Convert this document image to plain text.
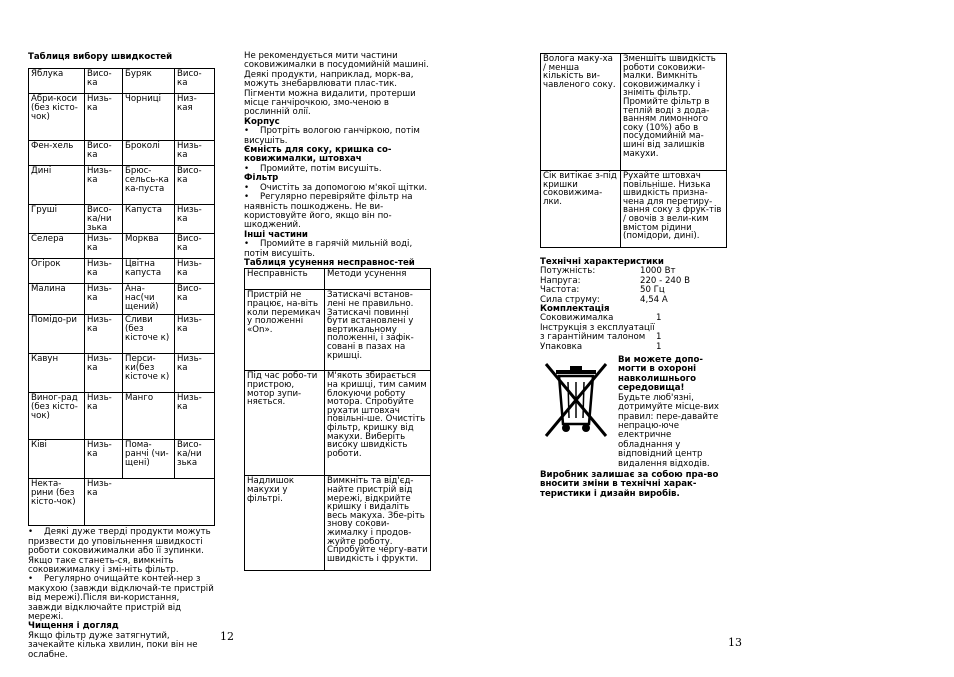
Таблиця вибору швидкостей

Яблука	Висо-ка	Буряк	Висо-ка
Абри-коси (без кісто-чок)	Низь-ка	Чорниці	Низ-кая
Фен-хель	Висо-ка	Броколі	Низь-ка
Дині	Низь-ка	Брюс-сельсь-ка ка-пуста	Висо-ка
Груші	Висо-ка/ни зька	Капуста	Низь-ка
Селера	Низь-ка	Морква	Висо-ка
Огірок	Низь-ка	Цвітна капуста	Низь-ка
Малина	Низь-ка	Ана-нас(чи щений)	Висо-ка
Помідо-ри	Низь-ка	Сливи (без кісточе к)	Низь-ка
Кавун	Низь-ка	Перси-ки(без кісточе к)	Низь-ка
Виног-рад (без кісто-чок)	Низь-ка	Манго	Низь-ка
Ківі	Низь-ка	Пома-ранчі (чи-щені)	Висо-ка/ни зька
Некта-рини (без кісто-чок)	Низь-ка		

• Деякі дуже тверді продукти можуть призвести до уповільнення швидкості роботи соковижималки або її зупинки. Якщо таке станеть-ся, вимкніть соковижималку і змі-ніть фільтр.

• Регулярно очищайте контей-нер з макухою (завжди відключай-те пристрій від мережі).Після ви-користання, завжди відключайте пристрій від мережі.

Чищення і догляд

Якщо фільтр дуже затягнутий, зачекайте кілька хвилин, поки він не ослабне.

Не рекомендується мити частини соковижималки в посудомийній машині. Деякі продукти, наприклад, морк-ва, можуть знебарвлювати плас-тик. Пігменти можна видалити, протерши місце ганчірочкою, змо-ченою в рослинній олії.

Корпус

• Протріть вологою ганчіркою, потім висушіть.

Ємність для соку, кришка со-ковижималки, штовхач

• Промийте, потім висушіть.

Фільтр

• Очистіть за допомогою м'якої щітки.

• Регулярно перевіряйте фільтр на наявність пошкоджень. Не ви-користовуйте його, якщо він по-шкоджений.

Інші частини

• Промийте в гарячій мильній воді, потім висушіть.

Таблиця усунення несправнос-тей

Несправність	Методи усунення
Пристрій не працює, на-віть коли перемикач у положенні «On».	Затискачі встанов-лені не правильно. Затискачі повинні бути встановлені у вертикальному положенні, і зафік-совані в пазах на кришці.
Під час робо-ти пристрою, мотор зупи-няється.	М'якоть збирається на кришці, тим самим блокуючи роботу мотора. Спробуйте рухати штовхач повільні-ше. Очистіть фільтр, кришку від макухи. Виберіть високу швидкість роботи.
Надлишок макухи у фільтрі.	Вимкніть та від'єд-найте пристрій від мережі, відкрийте кришку і видаліть весь макуха. Збе-ріть знову сокови-жималку і продов-жуйте роботу. Спробуйте чергу-вати швидкість і фрукти.
Волога маку-ха / менша кількість ви-чавленого соку.	Зменшіть швидкість роботи соковижи-малки. Вимкніть соковижималку і зніміть фільтр. Промийте фільтр в теплій воді з дода-ванням лимонного соку (10%) або в посудомийній ма-шині від залишків макухи.
Сік витікає з-під кришки соковижима-лки.	Рухайте штовхач повільніше. Низька швидкість призна-чена для перетиру-вання соку з фрук-тів / овочів з вели-ким вмістом рідини (помідори, дині).

Технічні характеристики

Потужність:	1000 Вт
Напруга:	220 - 240 В
Частота:	50 Гц
Сила струму:	4,54 А

Комплектація

Соковижималка	1
Інструкція з експлуатації з гарантійним талоном	1
Упаковка	1

Ви можете допо-могти в охороні навколишнього середовища!

Будьте люб'язні, дотримуйте місце-вих правил: пере-давайте непрацю-юче електричне обладнання у відповідний центр видалення відходів.

Виробник залишає за собою пра-во вносити зміни в технічні харак-теристики і дизайн виробів.

12	13
